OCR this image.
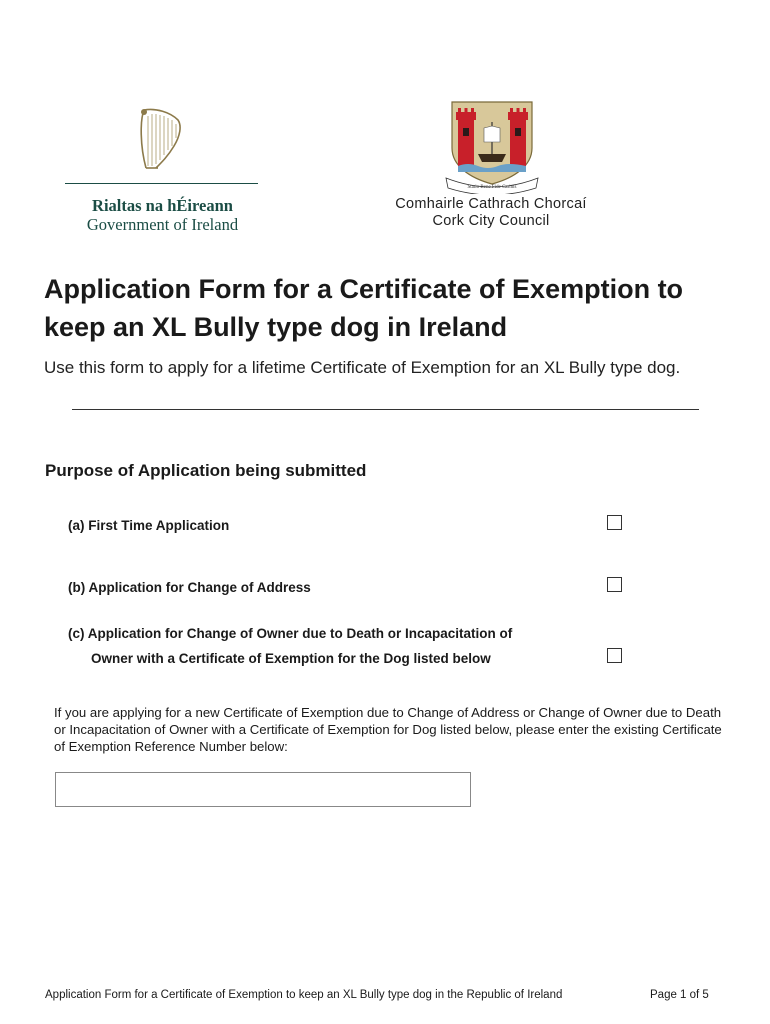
Rialtas na hÉireann
Government of Ireland
Statio Bene Fide Carinis
Comhairle Cathrach Chorcaí
Cork City Council
Application Form for a Certificate of Exemption to keep an XL Bully type dog in Ireland
Use this form to apply for a lifetime Certificate of Exemption for an XL Bully type dog.
Purpose of Application being submitted
(a) First Time Application
(b) Application for Change of Address
(c) Application for Change of Owner due to Death or Incapacitation of
Owner with a Certificate of Exemption for the Dog listed below
If you are applying for a new Certificate of Exemption due to Change of Address or Change of Owner due to Death or Incapacitation of Owner with a Certificate of Exemption for Dog listed below, please enter the existing Certificate of Exemption Reference Number below:
Application Form for a Certificate of Exemption to keep an XL Bully type dog in the Republic of Ireland	Page 1 of 5
